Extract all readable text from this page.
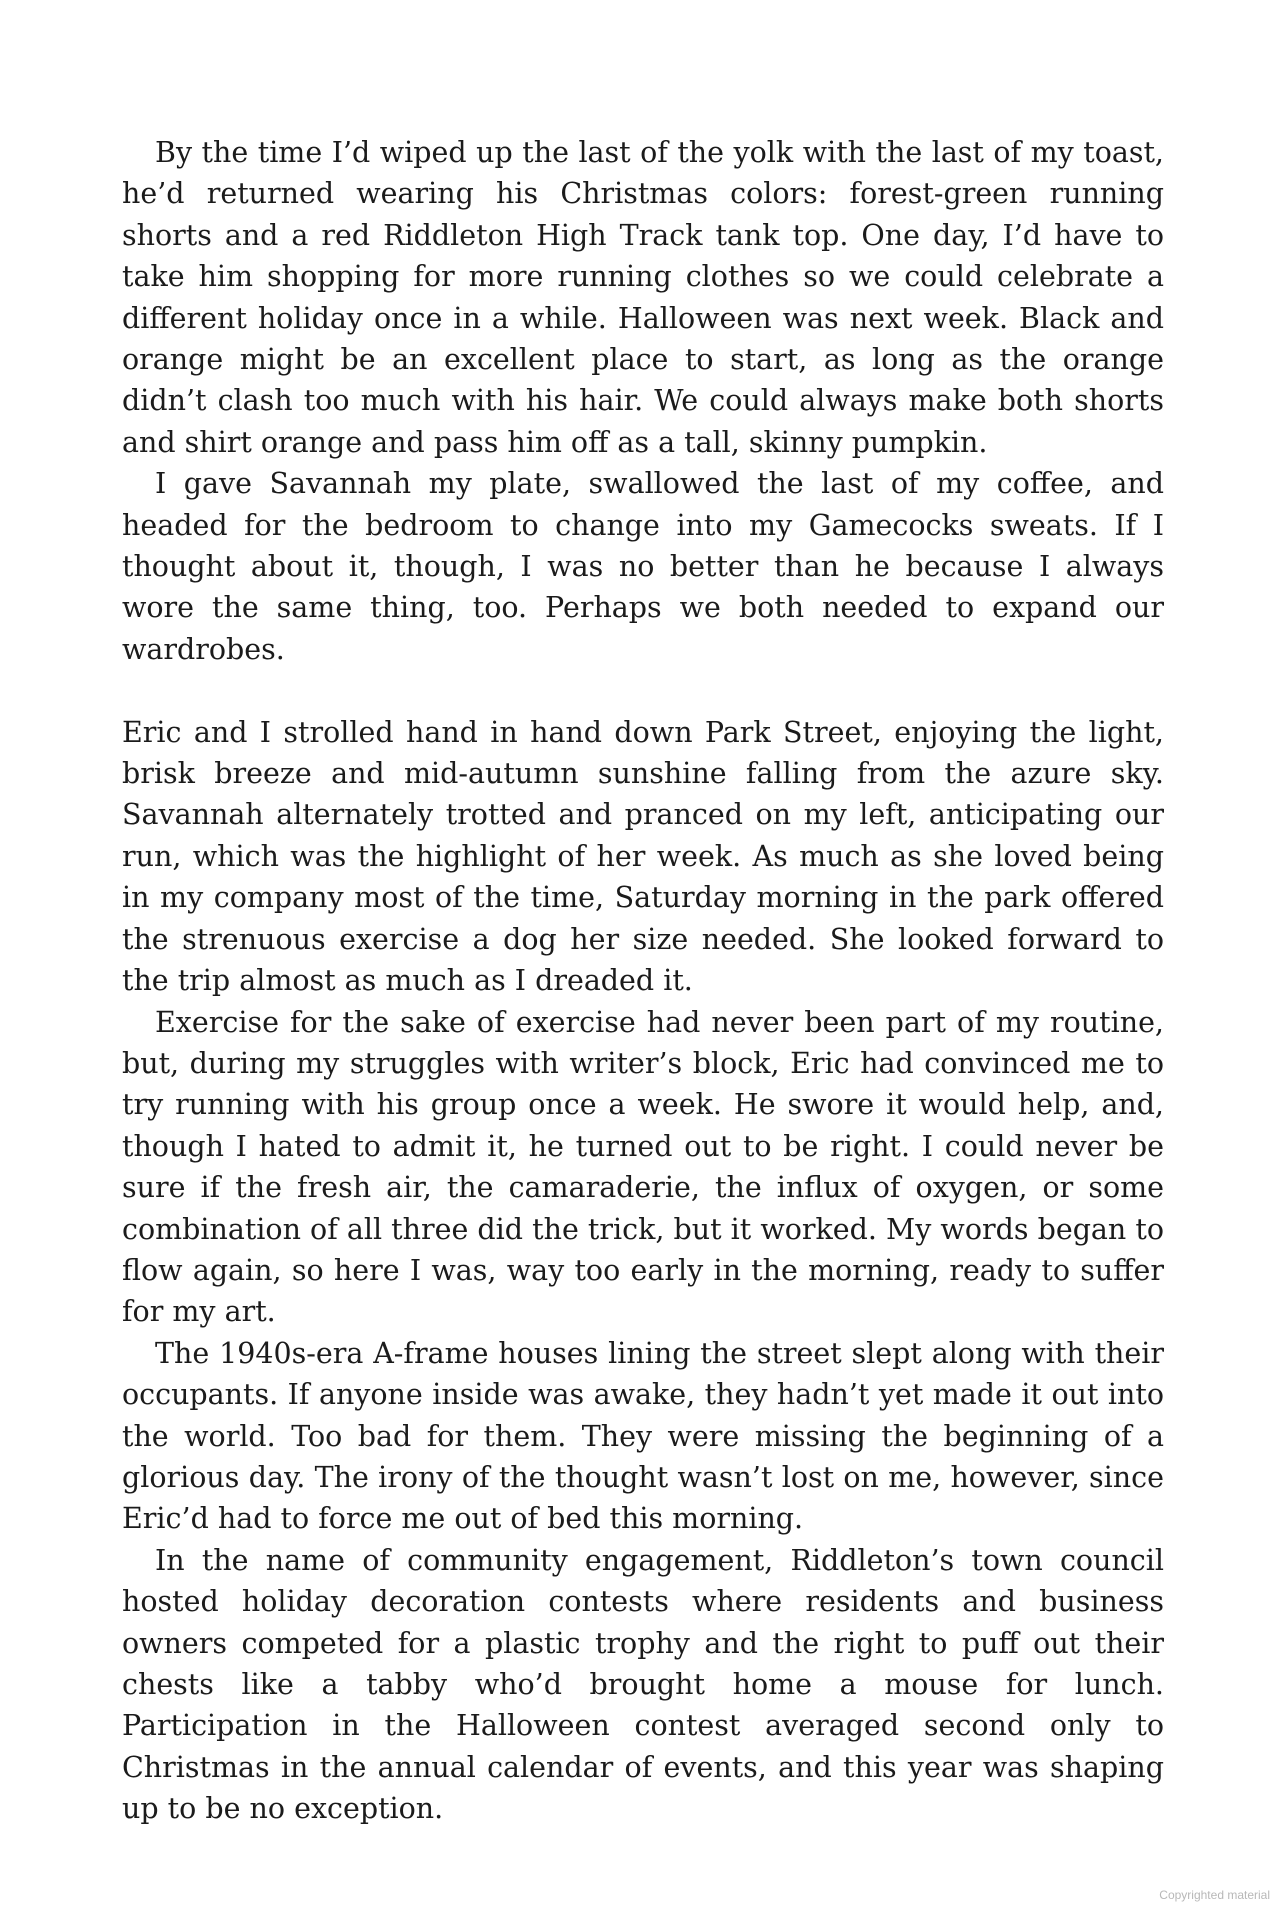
By the time I’d wiped up the last of the yolk with the last of my toast, he’d returned wearing his Christmas colors: forest-green running shorts and a red Riddleton High Track tank top. One day, I’d have to take him shopping for more running clothes so we could celebrate a different holiday once in a while. Halloween was next week. Black and orange might be an excellent place to start, as long as the orange didn’t clash too much with his hair. We could always make both shorts and shirt orange and pass him off as a tall, skinny pumpkin.

I gave Savannah my plate, swallowed the last of my coffee, and headed for the bedroom to change into my Gamecocks sweats. If I thought about it, though, I was no better than he because I always wore the same thing, too. Perhaps we both needed to expand our wardrobes.

Eric and I strolled hand in hand down Park Street, enjoying the light, brisk breeze and mid-autumn sunshine falling from the azure sky. Savannah alternately trotted and pranced on my left, anticipating our run, which was the highlight of her week. As much as she loved being in my company most of the time, Saturday morning in the park offered the strenuous exercise a dog her size needed. She looked forward to the trip almost as much as I dreaded it.

Exercise for the sake of exercise had never been part of my routine, but, during my struggles with writer’s block, Eric had convinced me to try running with his group once a week. He swore it would help, and, though I hated to admit it, he turned out to be right. I could never be sure if the fresh air, the camaraderie, the influx of oxygen, or some combination of all three did the trick, but it worked. My words began to flow again, so here I was, way too early in the morning, ready to suffer for my art.

The 1940s-era A-frame houses lining the street slept along with their occupants. If anyone inside was awake, they hadn’t yet made it out into the world. Too bad for them. They were missing the beginning of a glorious day. The irony of the thought wasn’t lost on me, however, since Eric’d had to force me out of bed this morning.

In the name of community engagement, Riddleton’s town council hosted holiday decoration contests where residents and business owners competed for a plastic trophy and the right to puff out their chests like a tabby who’d brought home a mouse for lunch. Participation in the Halloween contest averaged second only to Christmas in the annual calendar of events, and this year was shaping up to be no exception.

Copyrighted material
